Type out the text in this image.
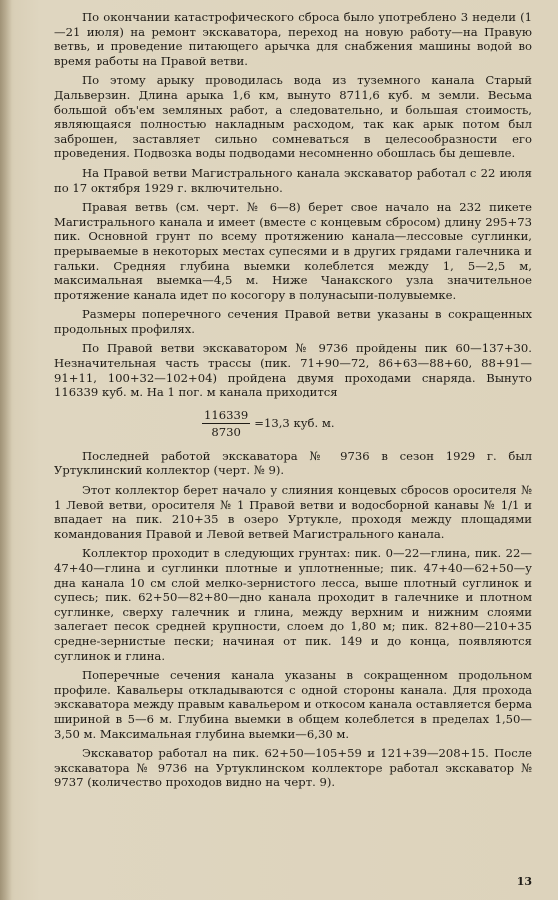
По окончании катастрофического сброса было употреблено 3 недели (1—21 июля) на ремонт экскаватора, переход на новую работу—на Правую ветвь, и проведение питающего арычка для снабжения машины водой во время работы на Правой ветви.

По этому арыку проводилась вода из туземного канала Старый Дальверзин. Длина арыка 1,6 км, вынуто 8711,6 куб. м земли. Весьма большой объ'ем земляных работ, а следовательно, и большая стоимость, являющаяся полностью накладным расходом, так как арык потом был заброшен, заставляет сильно сомневаться в целесообразности его проведения. Подвозка воды подводами несомненно обошлась бы дешевле.

На Правой ветви Магистрального канала экскаватор работал с 22 июля по 17 октября 1929 г. включительно.

Правая ветвь (см. черт. № 6—8) берет свое начало на 232 пикете Магистрального канала и имеет (вместе с концевым сбросом) длину 295+73 пик. Основной грунт по всему протяжению канала—лессовые суглинки, прерываемые в некоторых местах супесями и в других грядами галечника и гальки. Средняя глубина выемки колеблется между 1, 5—2,5 м, максимальная выемка—4,5 м. Ниже Чанакского узла значительное протяжение канала идет по косогору в полунасыпи-полувыемке.

Размеры поперечного сечения Правой ветви указаны в сокращенных продольных профилях.

По Правой ветви экскаватором № 9736 пройдены пик 60—137+30. Незначительная часть трассы (пик. 71+90—72, 86+63—88+60, 88+91—91+11, 100+32—102+04) пройдена двумя проходами снаряда. Вынуто 116339 куб. м. На 1 пог. м канала приходится

$\frac{116339}{8730} =13,3$ куб. м.

Последней работой экскаватора № 9736 в сезон 1929 г. был Уртуклинский коллектор (черт. № 9).

Этот коллектор берет начало у слияния концевых сбросов оросителя № 1 Левой ветви, оросителя № 1 Правой ветви и водосборной канавы № 1/1 и впадает на пик. 210+35 в озеро Уртукле, проходя между площадями командования Правой и Левой ветвей Магистрального канала.

Коллектор проходит в следующих грунтах: пик. 0—22—глина, пик. 22—47+40—глина и суглинки плотные и уплотненные; пик. 47+40—62+50—у дна канала 10 см слой мелко-зернистого лесса, выше плотный суглинок и супесь; пик. 62+50—82+80—дно канала проходит в галечнике и плотном суглинке, сверху галечник и глина, между верхним и нижним слоями залегает песок средней крупности, слоем до 1,80 м; пик. 82+80—210+35 средне-зернистые пески; начиная от пик. 149 и до конца, появляются суглинок и глина.

Поперечные сечения канала указаны в сокращенном продольном профиле. Кавальеры откладываются с одной стороны канала. Для прохода экскаватора между правым кавальером и откосом канала оставляется берма шириной в 5—6 м. Глубина выемки в общем колеблется в пределах 1,50—3,50 м. Максимальная глубина выемки—6,30 м.

Экскаватор работал на пик. 62+50—105+59 и 121+39—208+15. После экскаватора № 9736 на Уртуклинском коллекторе работал экскаватор № 9737 (количество проходов видно на черт. 9).

13
